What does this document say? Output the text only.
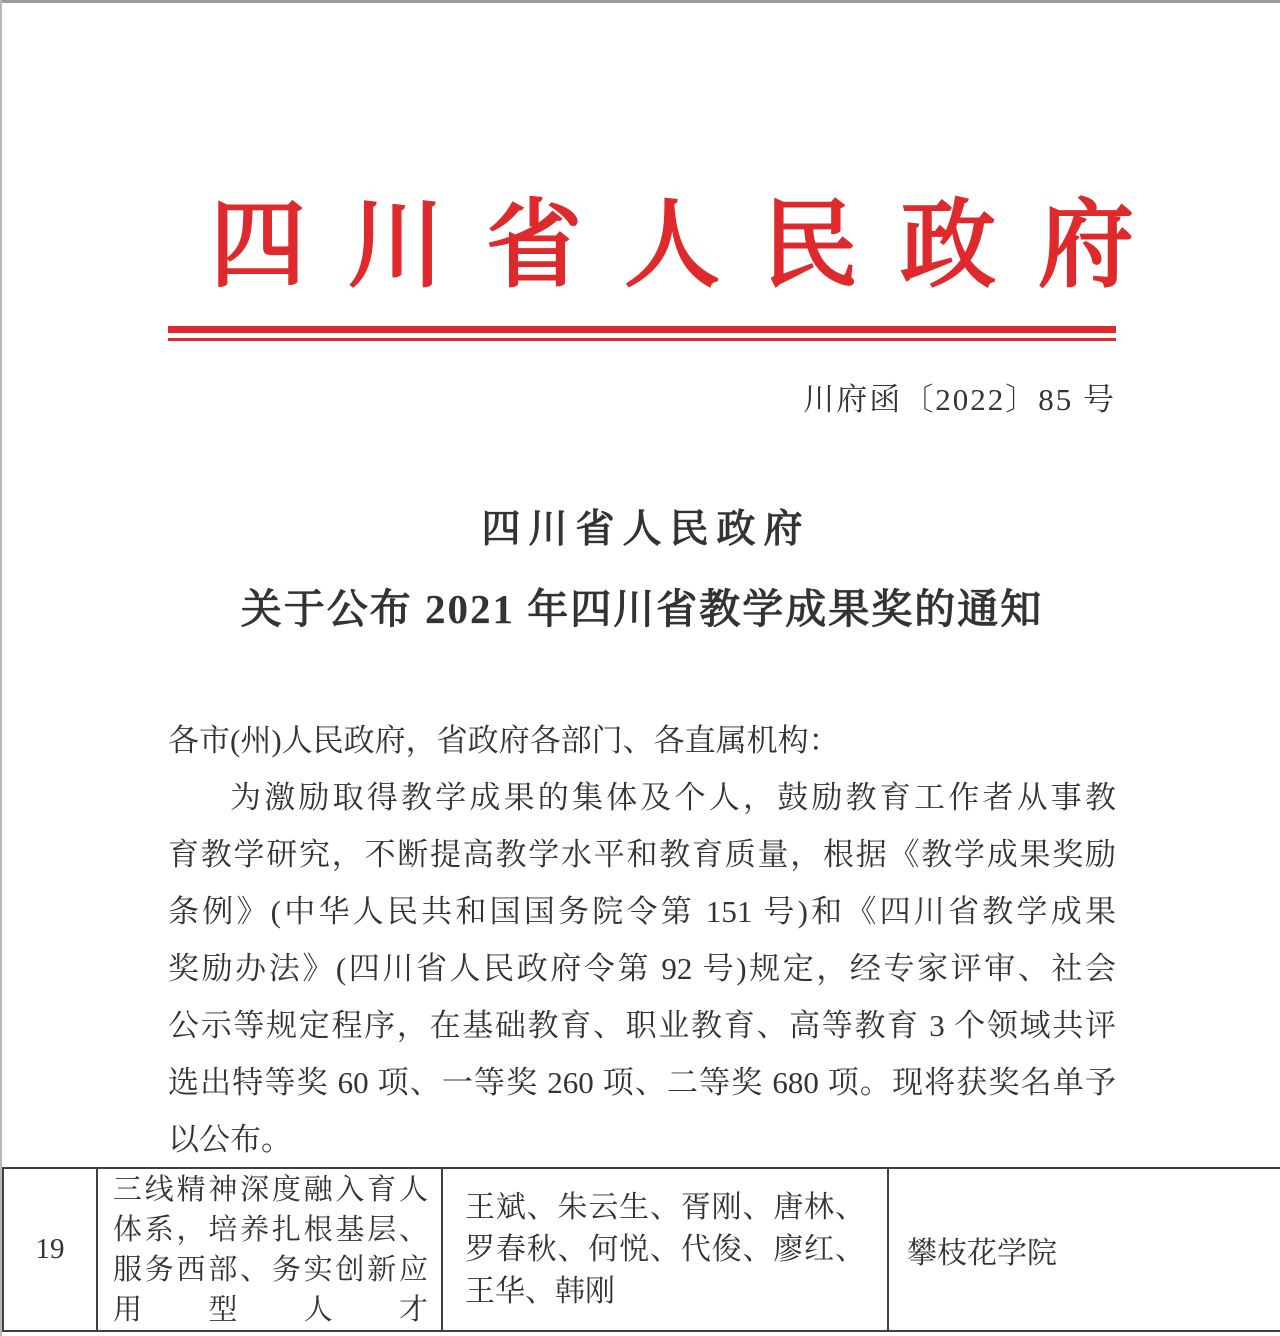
四川省人民政府
川府函〔2022〕85 号
四川省人民政府
关于公布 2021 年四川省教学成果奖的通知
各市(州)人民政府，省政府各部门、各直属机构：
为激励取得教学成果的集体及个人，鼓励教育工作者从事教
育教学研究，不断提高教学水平和教育质量，根据《教学成果奖励
条例》(中华人民共和国国务院令第 151 号)和《四川省教学成果
奖励办法》(四川省人民政府令第 92 号)规定，经专家评审、社会
公示等规定程序，在基础教育、职业教育、高等教育 3 个领域共评
选出特等奖 60 项、一等奖 260 项、二等奖 680 项。现将获奖名单予
以公布。
19
三线精神深度融入育人体系，培养扎根基层、服务西部、务实创新应用型人才
王斌、朱云生、胥刚、唐林、罗春秋、何悦、代俊、廖红、王华、韩刚
攀枝花学院
